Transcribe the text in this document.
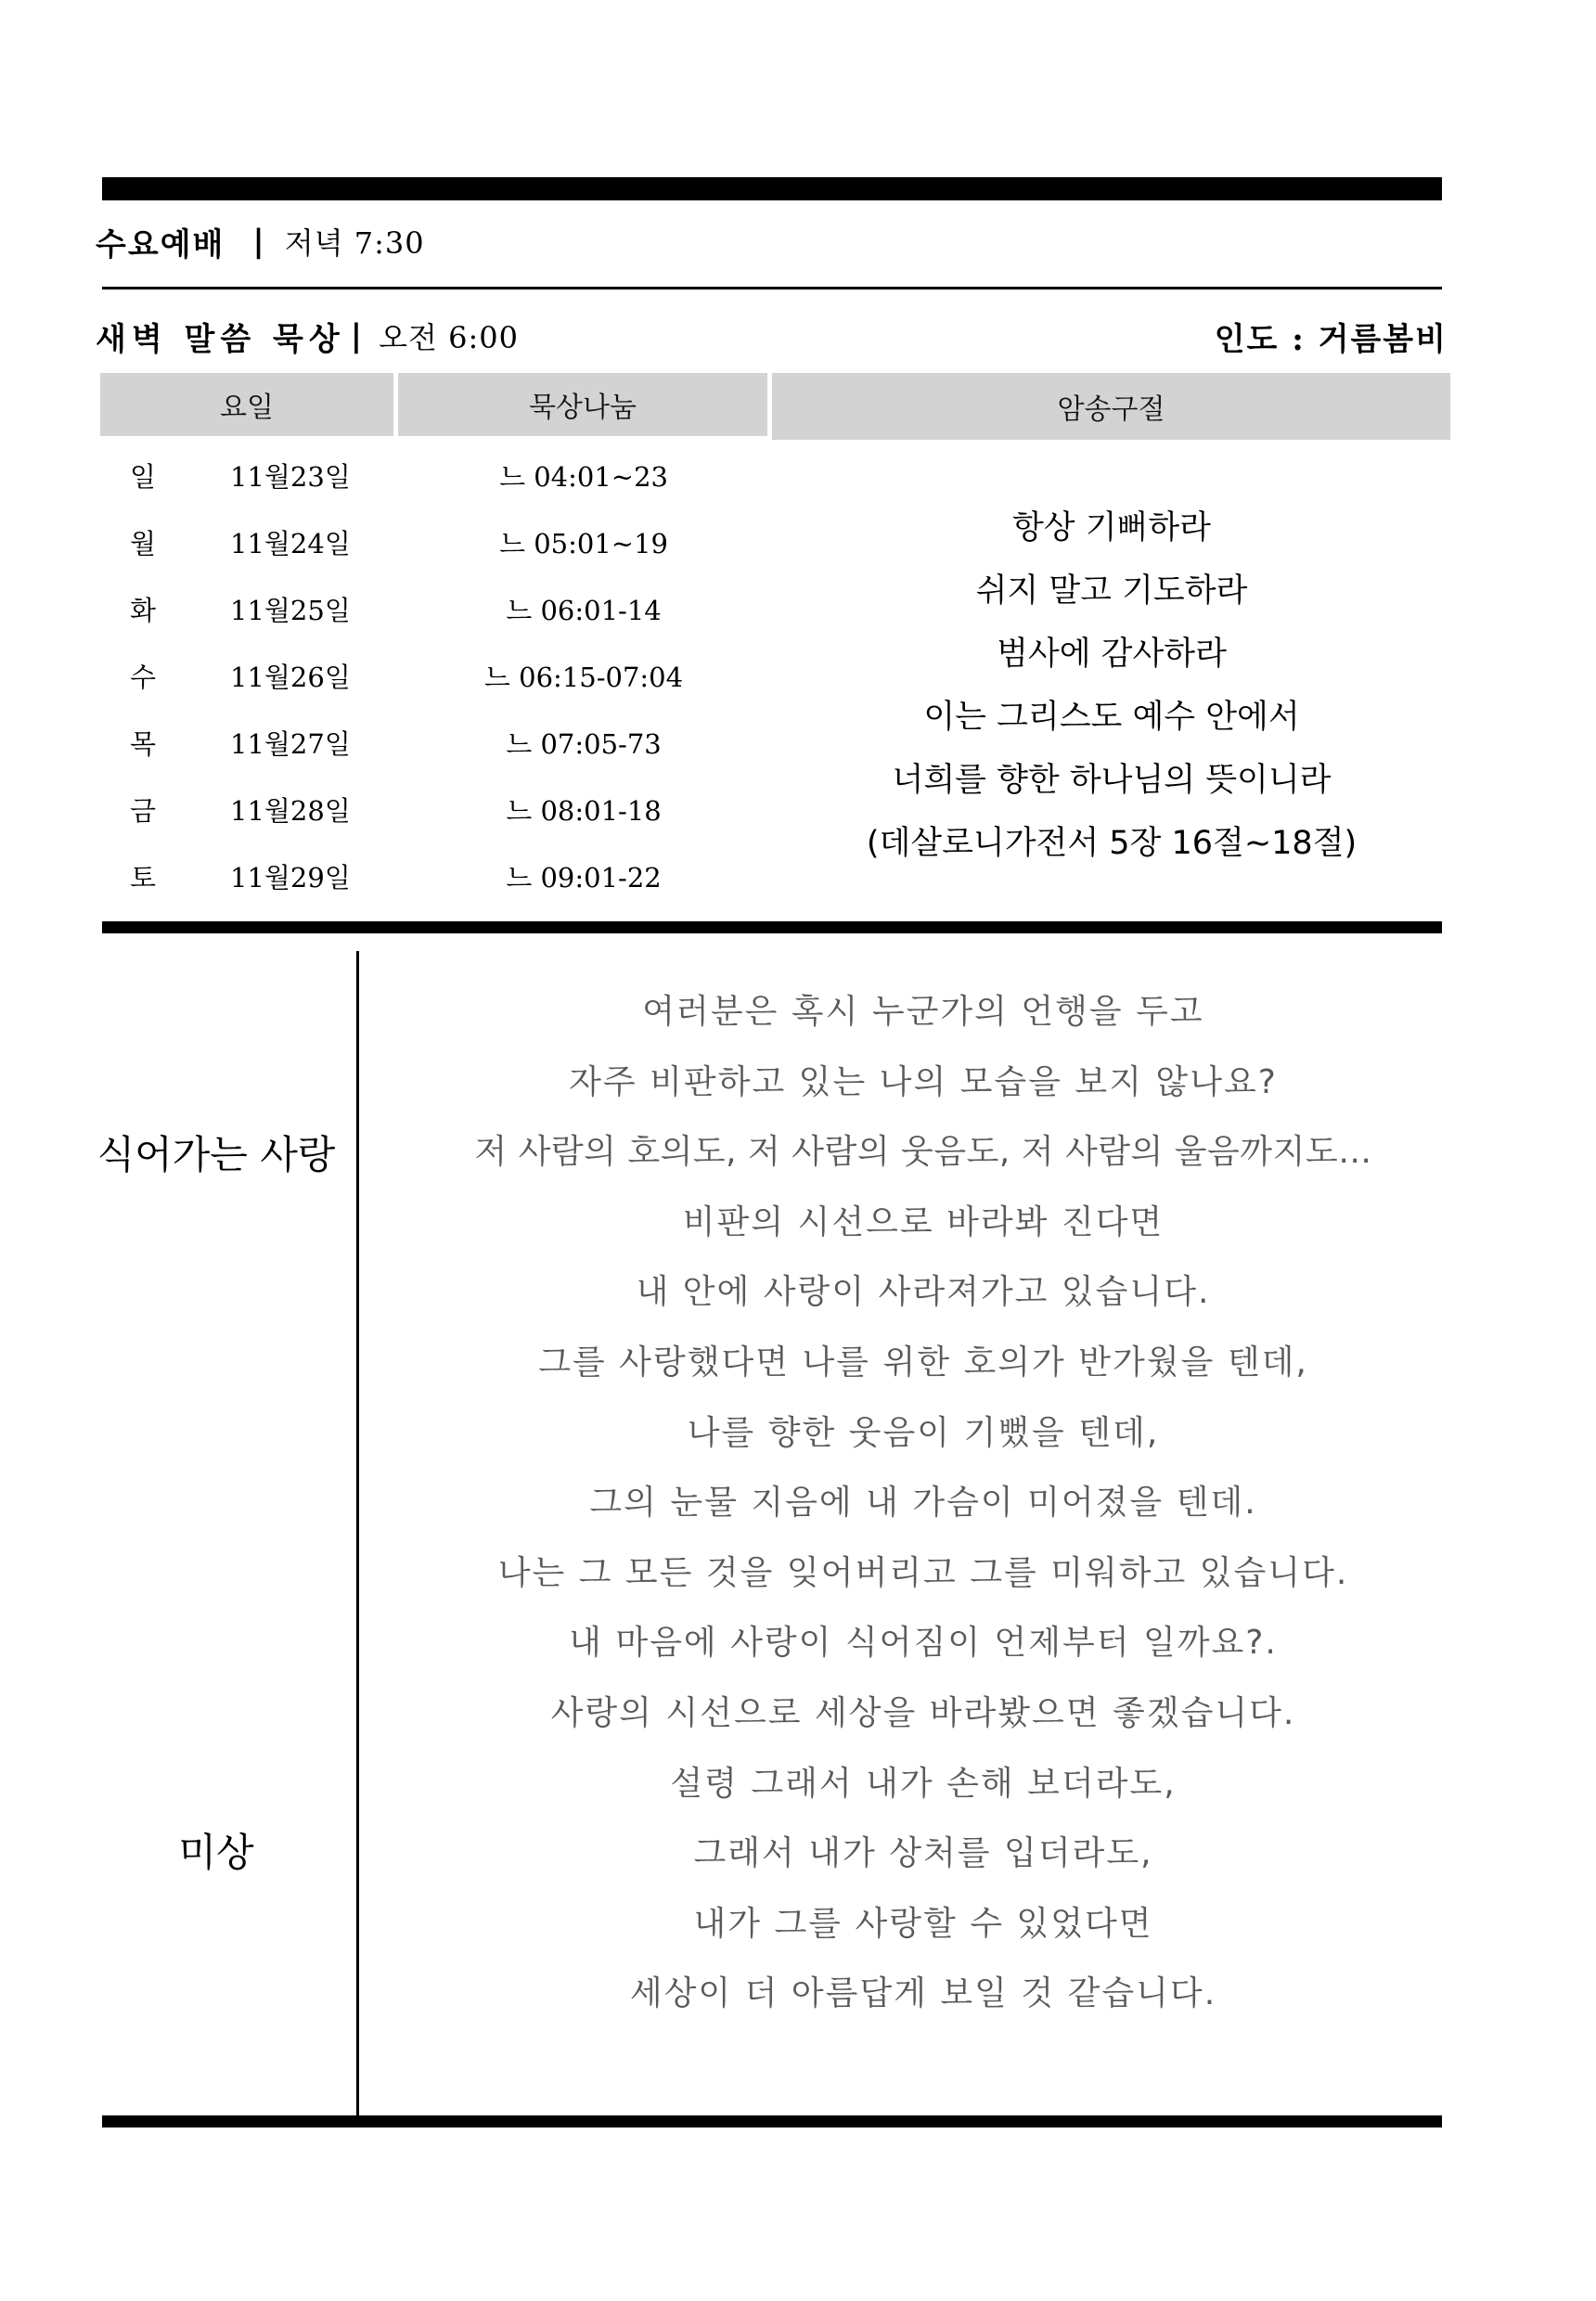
수요예배 | 저녁 7:30
새벽 말씀 묵상 | 오전 6:00	인도 : 거름봄비
요일	묵상나눔	암송구절
일	11월23일	느 04:01~23
월	11월24일	느 05:01~19
화	11월25일	느 06:01-14
수	11월26일	느 06:15-07:04
목	11월27일	느 07:05-73
금	11월28일	느 08:01-18
토	11월29일	느 09:01-22
항상 기뻐하라
쉬지 말고 기도하라
범사에 감사하라
이는 그리스도 예수 안에서
너희를 향한 하나님의 뜻이니라
(데살로니가전서 5장 16절~18절)
식어가는 사랑
미상
여러분은 혹시 누군가의 언행을 두고
자주 비판하고 있는 나의 모습을 보지 않나요?
저 사람의 호의도, 저 사람의 웃음도, 저 사람의 울음까지도…
비판의 시선으로 바라봐 진다면
내 안에 사랑이 사라져가고 있습니다.
그를 사랑했다면 나를 위한 호의가 반가웠을 텐데,
나를 향한 웃음이 기뻤을 텐데,
그의 눈물 지음에 내 가슴이 미어졌을 텐데.
나는 그 모든 것을 잊어버리고 그를 미워하고 있습니다.
내 마음에 사랑이 식어짐이 언제부터 일까요?.
사랑의 시선으로 세상을 바라봤으면 좋겠습니다.
설령 그래서 내가 손해 보더라도,
그래서 내가 상처를 입더라도,
내가 그를 사랑할 수 있었다면
세상이 더 아름답게 보일 것 같습니다.
